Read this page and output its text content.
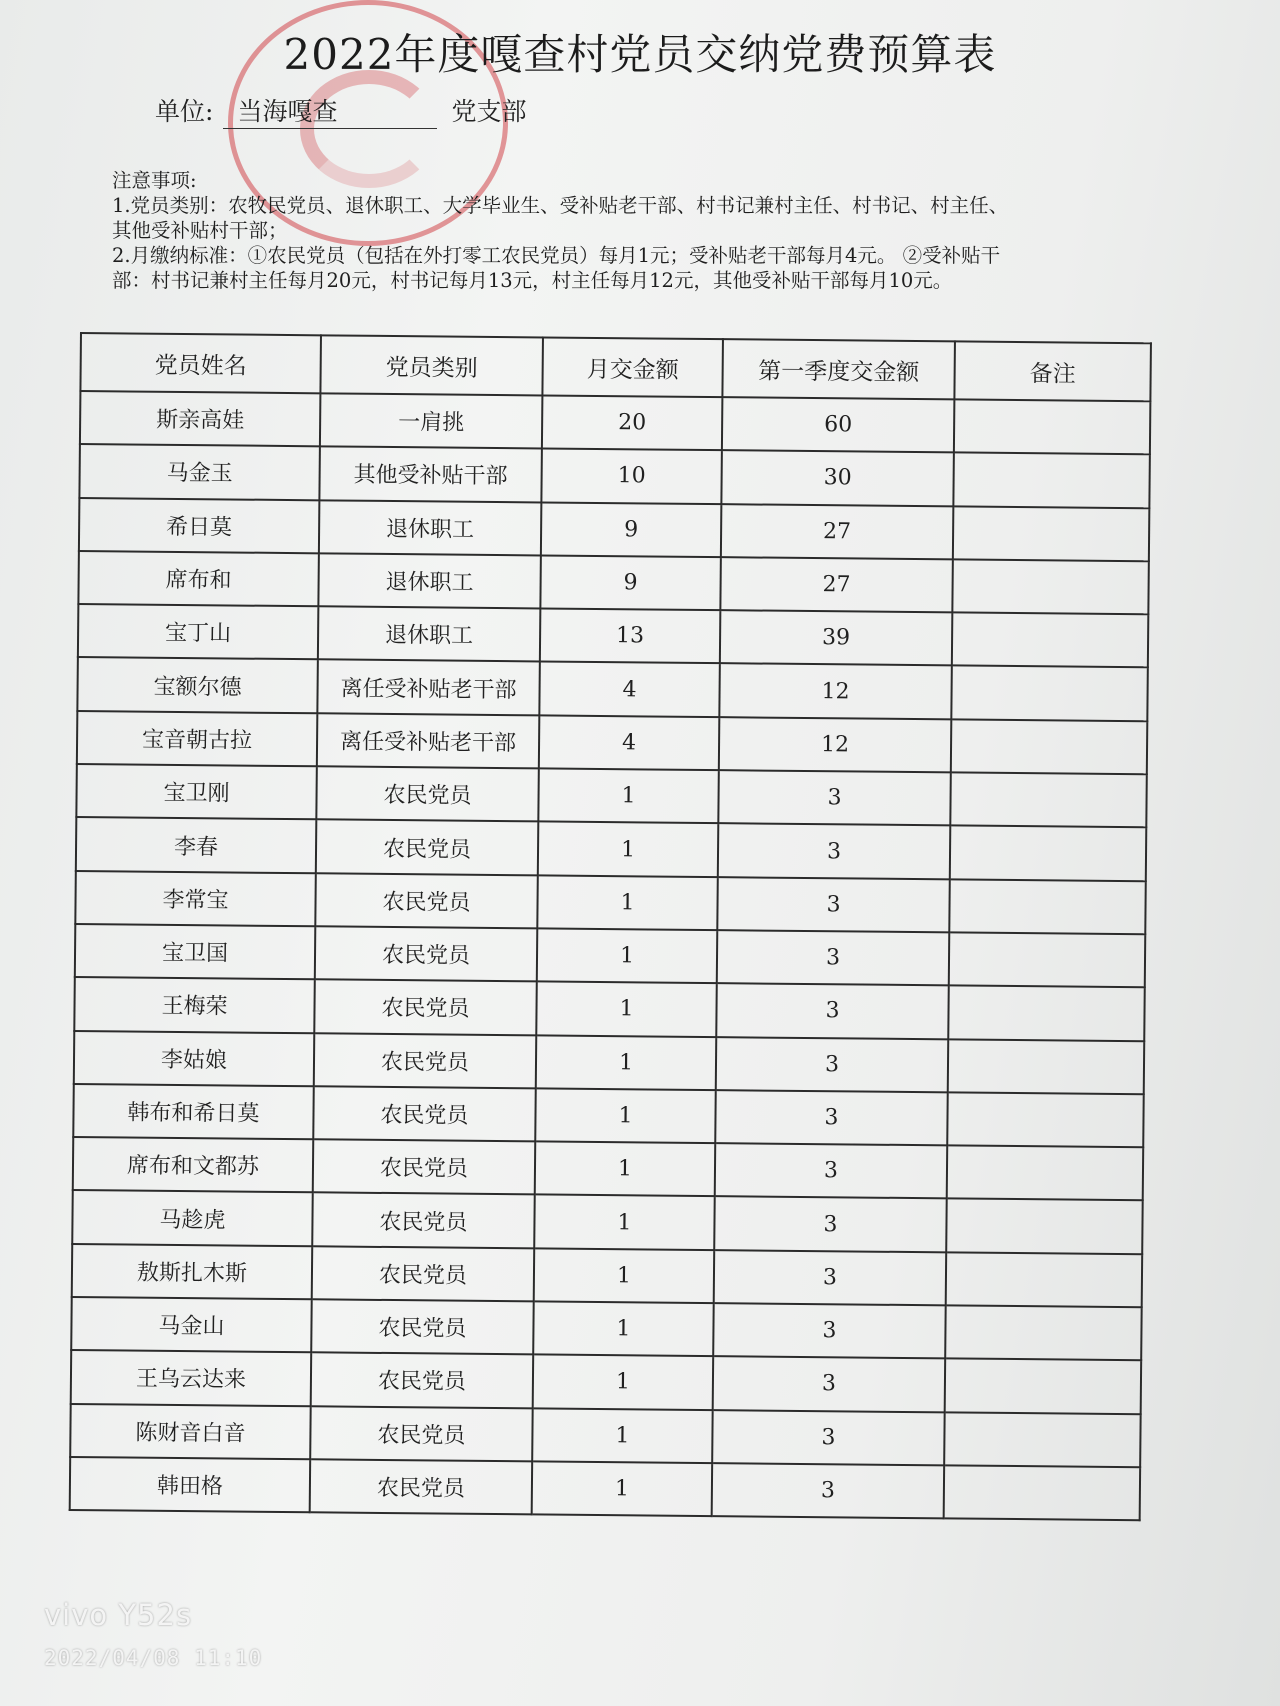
2022年度嘎查村党员交纳党费预算表
单位: 当海嘎查	党支部
注意事项:
1.党员类别：农牧民党员、退休职工、大学毕业生、受补贴老干部、村书记兼村主任、村书记、村主任、
其他受补贴村干部；
2.月缴纳标准：①农民党员（包括在外打零工农民党员）每月1元；受补贴老干部每月4元。 ②受补贴干
部：村书记兼村主任每月20元，村书记每月13元，村主任每月12元，其他受补贴干部每月10元。
党员姓名	党员类别	月交金额	第一季度交金额	备注
斯亲高娃	一肩挑	20	60	
马金玉	其他受补贴干部	10	30	
希日莫	退休职工	9	27	
席布和	退休职工	9	27	
宝丁山	退休职工	13	39	
宝额尔德	离任受补贴老干部	4	12	
宝音朝古拉	离任受补贴老干部	4	12	
宝卫刚	农民党员	1	3	
李春	农民党员	1	3	
李常宝	农民党员	1	3	
宝卫国	农民党员	1	3	
王梅荣	农民党员	1	3	
李姑娘	农民党员	1	3	
韩布和希日莫	农民党员	1	3	
席布和文都苏	农民党员	1	3	
马趁虎	农民党员	1	3	
敖斯扎木斯	农民党员	1	3	
马金山	农民党员	1	3	
王乌云达来	农民党员	1	3	
陈财音白音	农民党员	1	3	
韩田格	农民党员	1	3	
vivo Y52s
2022/04/08 11:10
